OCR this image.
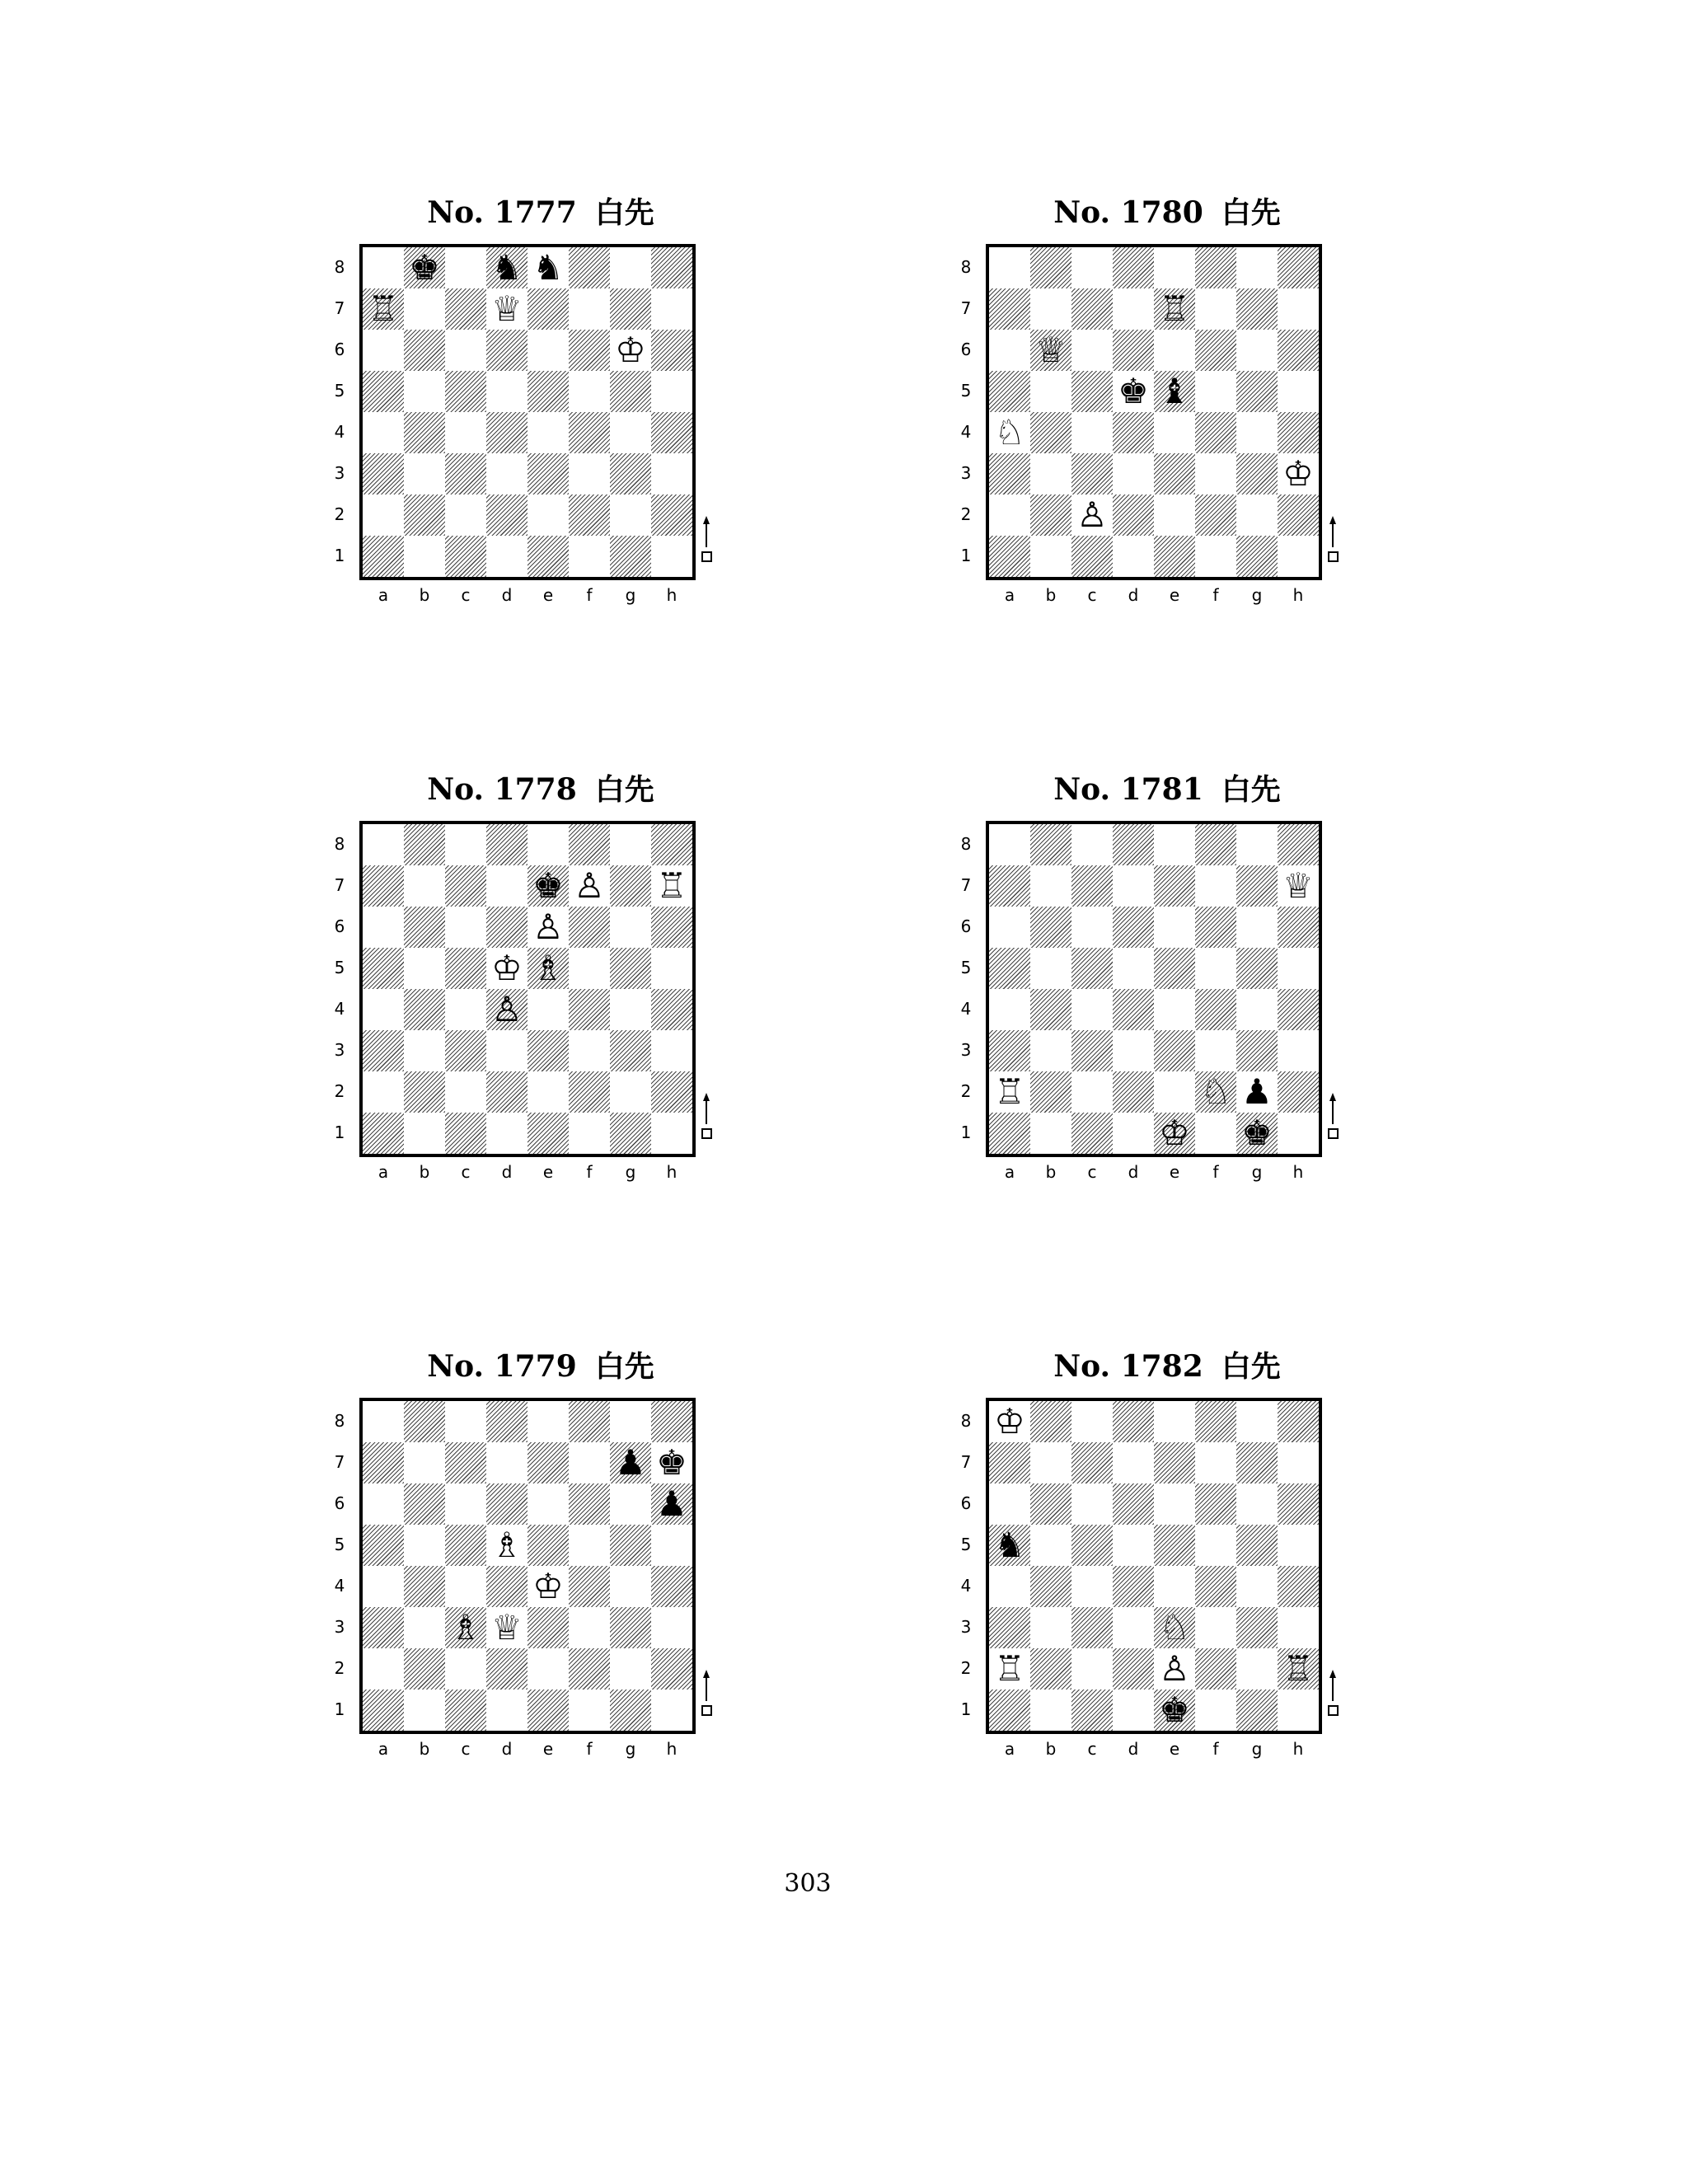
No. 1777 白先
♚ ♞ ♞
♖	♕
♔
8
7
6
5
4
3
2
1
a	b	c	d	e	f	g	h
No. 1778 白先
♚ ♙ ♖
♙
♔ ♗
♙
8
7
6
5
4
3
2
1
a	b	c	d	e	f	g	h
No. 1779 白先
♟ ♚
♟
♗
♔
♗ ♕
8
7
6
5
4
3
2
1
a	b	c	d	e	f	g	h
No. 1780 白先
♖
♕
♚ ♝
♘
♔
♙
8
7
6
5
4
3
2
1
a	b	c	d	e	f	g	h
No. 1781 白先
♕
♖	♘ ♟
♔ ♚
8
7
6
5
4
3
2
1
a	b	c	d	e	f	g	h
No. 1782 白先
♔
♞
♘
♖	♙	♖
♚
8
7
6
5
4
3
2
1
a	b	c	d	e	f	g	h
303
